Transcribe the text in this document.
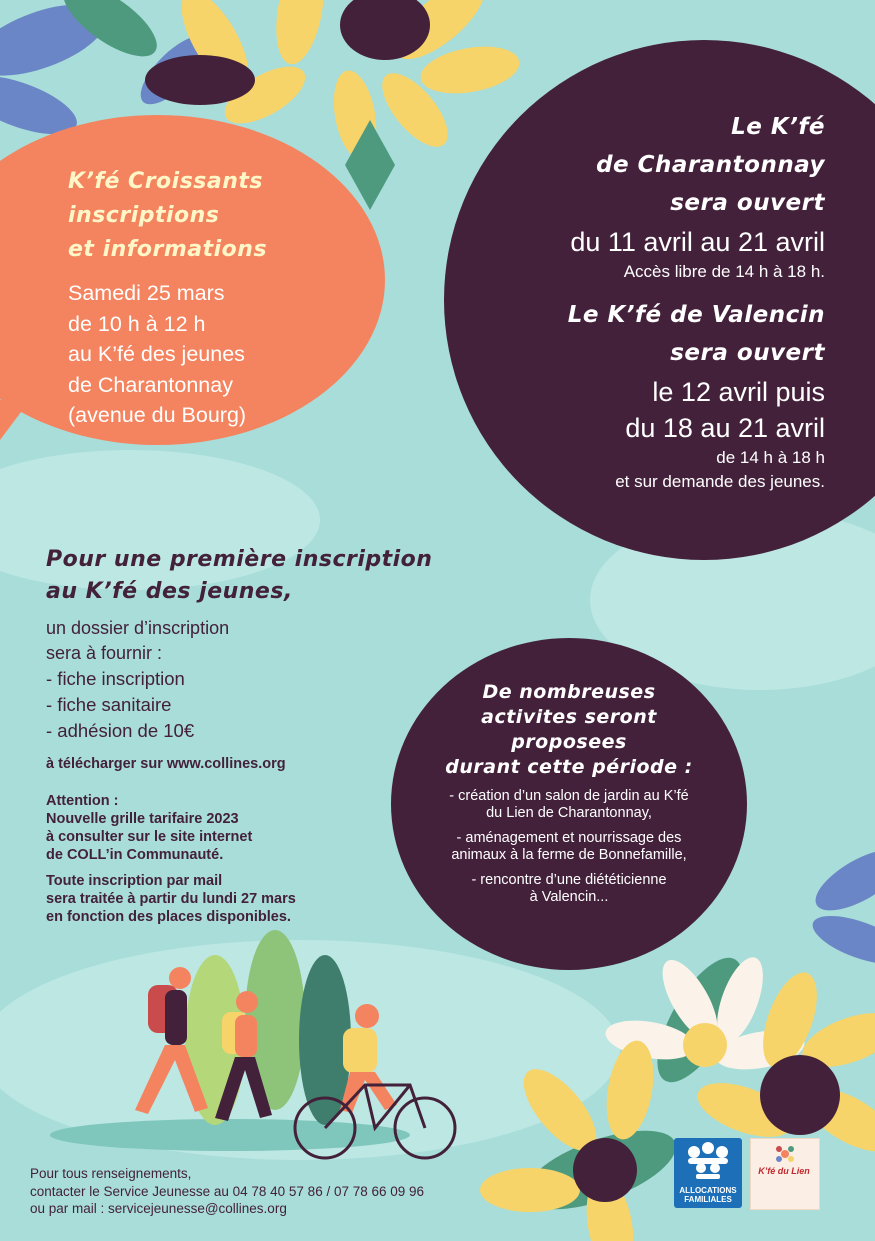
K’fé Croissants
inscriptions
et informations
Samedi 25 mars
de 10 h à 12 h
au K’fé des jeunes
de Charantonnay
(avenue du Bourg)
Le K’fé
de Charantonnay
sera ouvert
du 11 avril au 21 avril
Accès libre de 14 h à 18 h.
Le K’fé de Valencin
sera ouvert
le 12 avril puis
du 18 au 21 avril
de 14 h à 18 h
et sur demande des jeunes.
Pour une première inscription
au K’fé des jeunes,
un dossier d’inscription
sera à fournir :
- fiche inscription
- fiche sanitaire
- adhésion de 10€
à télécharger sur www.collines.org
Attention :
Nouvelle grille tarifaire 2023
à consulter sur le site internet
de COLL’in Communauté.
Toute inscription par mail
sera traitée à partir du lundi 27 mars
en fonction des places disponibles.
De nombreuses
activites seront
proposees
durant cette période :
- création d’un salon de jardin au K’fé
du Lien de Charantonnay,
- aménagement et nourrissage des
animaux à la ferme de Bonnefamille,
- rencontre d’une diététicienne
à Valencin...
Pour tous renseignements,
contacter le Service Jeunesse au 04 78 40 57 86 / 07 78 66 09 96
ou par mail : servicejeunesse@collines.org
ALLOCATIONS FAMILIALES
K’fé du Lien
